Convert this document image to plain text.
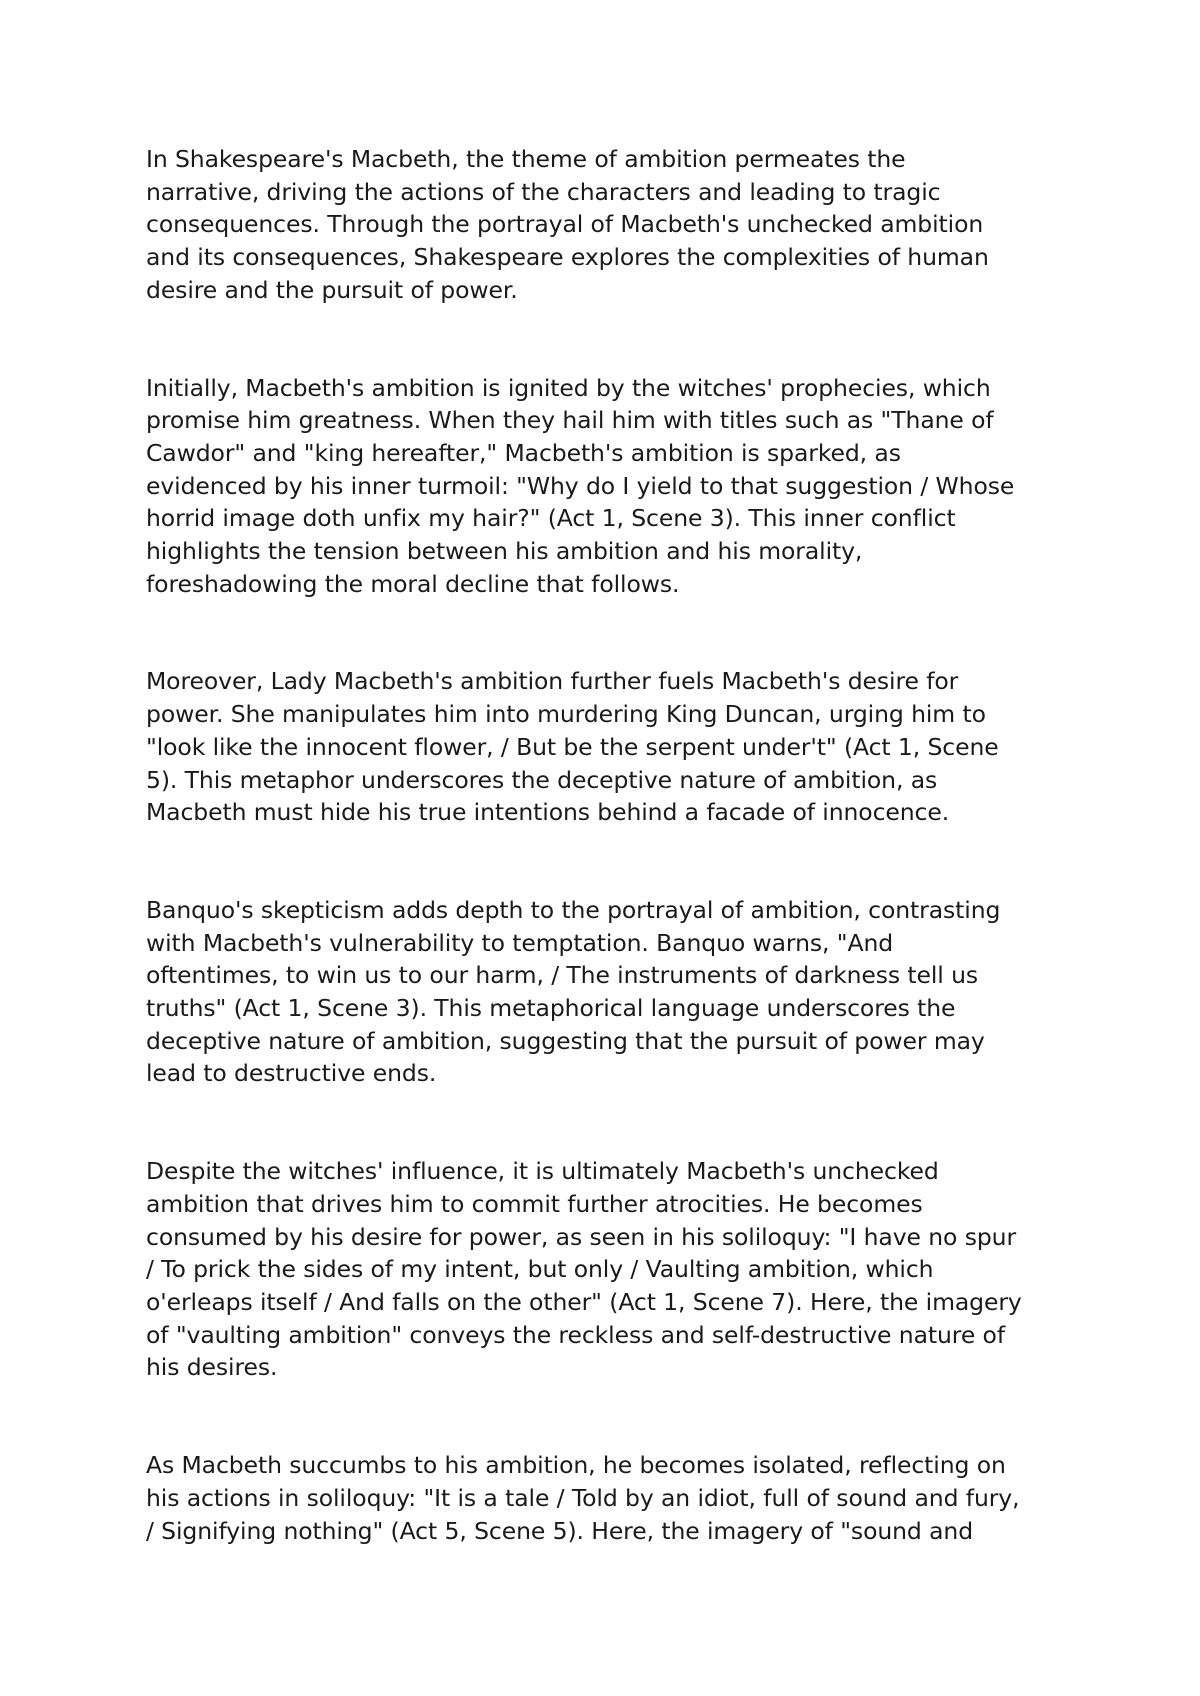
In Shakespeare's Macbeth, the theme of ambition permeates the
narrative, driving the actions of the characters and leading to tragic
consequences. Through the portrayal of Macbeth's unchecked ambition
and its consequences, Shakespeare explores the complexities of human
desire and the pursuit of power.

Initially, Macbeth's ambition is ignited by the witches' prophecies, which
promise him greatness. When they hail him with titles such as "Thane of
Cawdor" and "king hereafter," Macbeth's ambition is sparked, as
evidenced by his inner turmoil: "Why do I yield to that suggestion / Whose
horrid image doth unfix my hair?" (Act 1, Scene 3). This inner conflict
highlights the tension between his ambition and his morality,
foreshadowing the moral decline that follows.

Moreover, Lady Macbeth's ambition further fuels Macbeth's desire for
power. She manipulates him into murdering King Duncan, urging him to
"look like the innocent flower, / But be the serpent under't" (Act 1, Scene
5). This metaphor underscores the deceptive nature of ambition, as
Macbeth must hide his true intentions behind a facade of innocence.

Banquo's skepticism adds depth to the portrayal of ambition, contrasting
with Macbeth's vulnerability to temptation. Banquo warns, "And
oftentimes, to win us to our harm, / The instruments of darkness tell us
truths" (Act 1, Scene 3). This metaphorical language underscores the
deceptive nature of ambition, suggesting that the pursuit of power may
lead to destructive ends.

Despite the witches' influence, it is ultimately Macbeth's unchecked
ambition that drives him to commit further atrocities. He becomes
consumed by his desire for power, as seen in his soliloquy: "I have no spur
/ To prick the sides of my intent, but only / Vaulting ambition, which
o'erleaps itself / And falls on the other" (Act 1, Scene 7). Here, the imagery
of "vaulting ambition" conveys the reckless and self-destructive nature of
his desires.

As Macbeth succumbs to his ambition, he becomes isolated, reflecting on
his actions in soliloquy: "It is a tale / Told by an idiot, full of sound and fury,
/ Signifying nothing" (Act 5, Scene 5). Here, the imagery of "sound and
